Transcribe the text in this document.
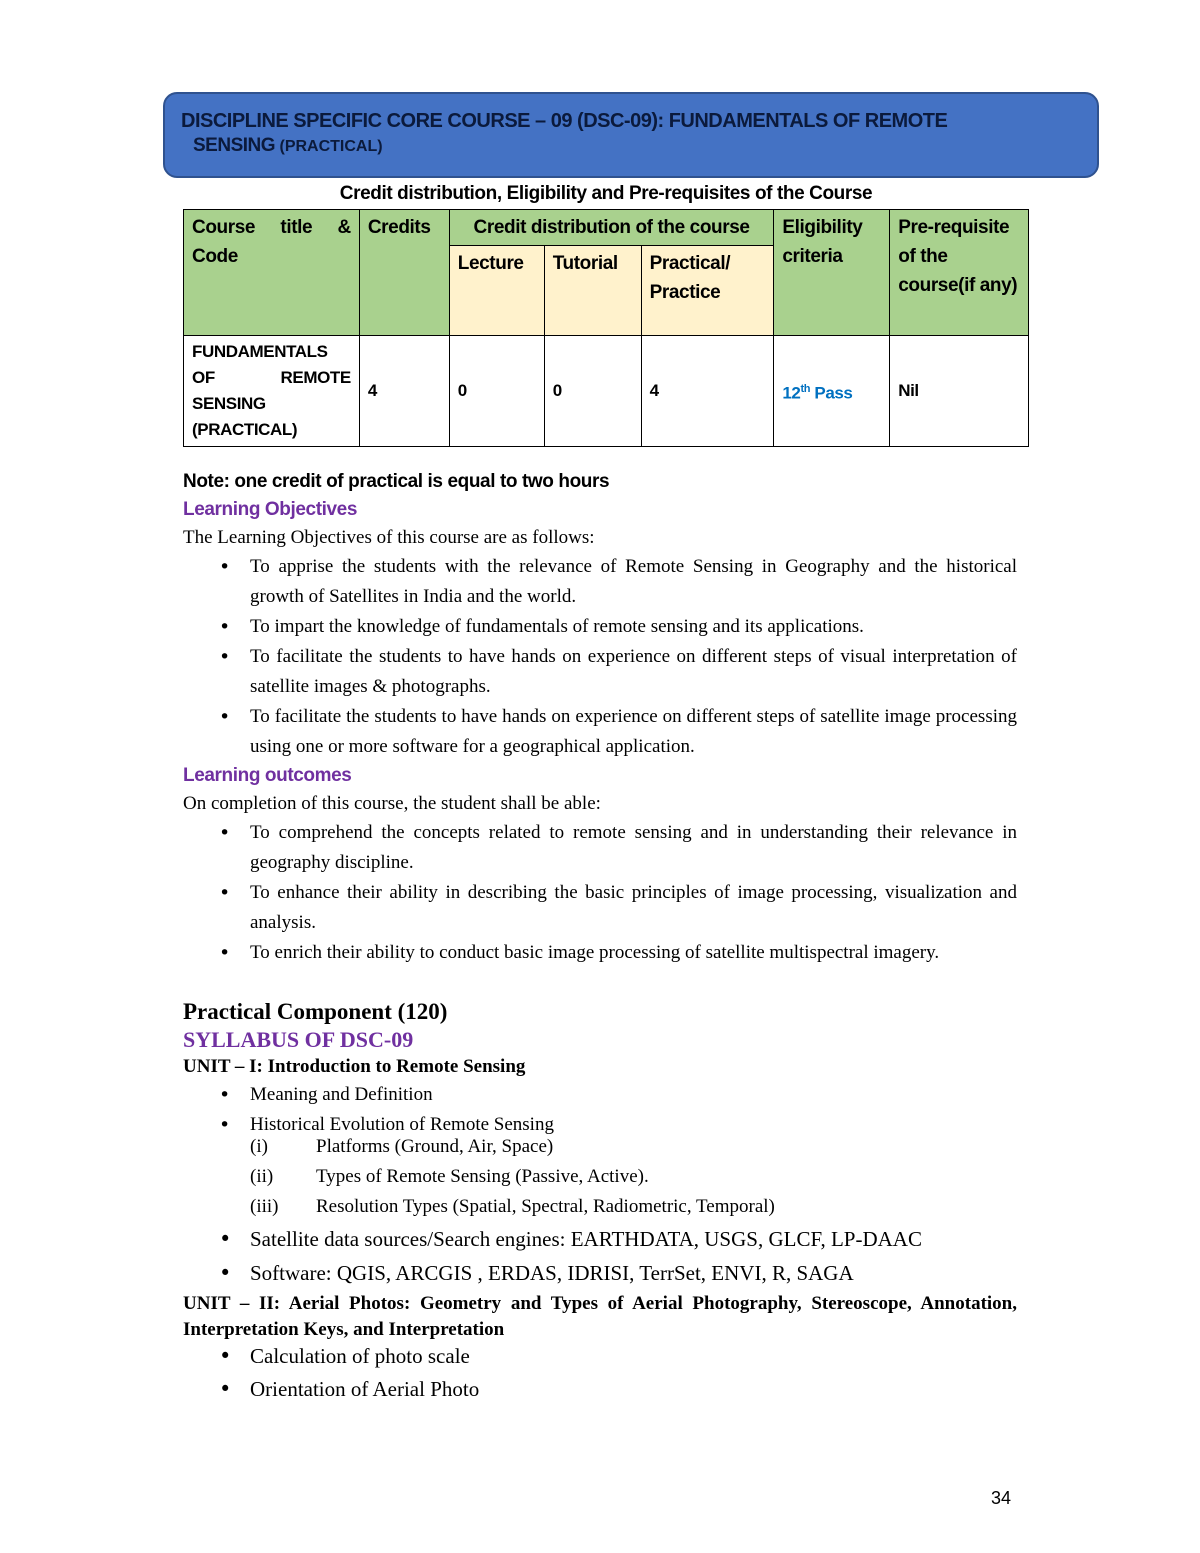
DISCIPLINE SPECIFIC CORE COURSE – 09 (DSC-09): FUNDAMENTALS OF REMOTE
SENSING (PRACTICAL)
Credit distribution, Eligibility and Pre-requisites of the Course
Course title & Code	Credits	Credit distribution of the course			Eligibility criteria	Pre-requisite of the course(if any)
		Lecture	Tutorial	Practical/ Practice		
FUNDAMENTALS OF REMOTE SENSING (PRACTICAL)	4	0	0	4	12th Pass	Nil
Note: one credit of practical is equal to two hours
Learning Objectives
The Learning Objectives of this course are as follows:
• To apprise the students with the relevance of Remote Sensing in Geography and the historical growth of Satellites in India and the world.
• To impart the knowledge of fundamentals of remote sensing and its applications.
• To facilitate the students to have hands on experience on different steps of visual interpretation of satellite images & photographs.
• To facilitate the students to have hands on experience on different steps of satellite image processing using one or more software for a geographical application.
Learning outcomes
On completion of this course, the student shall be able:
• To comprehend the concepts related to remote sensing and in understanding their relevance in geography discipline.
• To enhance their ability in describing the basic principles of image processing, visualization and analysis.
• To enrich their ability to conduct basic image processing of satellite multispectral imagery.
Practical Component (120)
SYLLABUS OF DSC-09
UNIT – I: Introduction to Remote Sensing
• Meaning and Definition
• Historical Evolution of Remote Sensing
(i)	Platforms (Ground, Air, Space)
(ii) Types of Remote Sensing (Passive, Active).
(iii) Resolution Types (Spatial, Spectral, Radiometric, Temporal)
• Satellite data sources/Search engines: EARTHDATA, USGS, GLCF, LP-DAAC
• Software: QGIS, ARCGIS , ERDAS, IDRISI, TerrSet, ENVI, R, SAGA
UNIT – II: Aerial Photos: Geometry and Types of Aerial Photography, Stereoscope, Annotation, Interpretation Keys, and Interpretation
• Calculation of photo scale
• Orientation of Aerial Photo
34
